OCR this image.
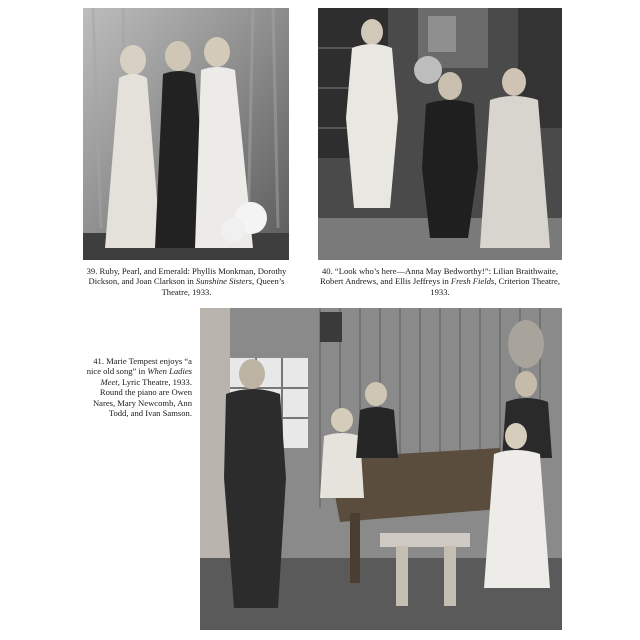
39. Ruby, Pearl, and Emerald: Phyllis Monkman, Dorothy Dickson, and Joan Clarkson in Sunshine Sisters, Queen’s Theatre, 1933.

40. “Look who’s here—Anna May Bedworthy!”: Lilian Braithwaite, Robert Andrews, and Ellis Jeffreys in Fresh Fields, Criterion Theatre, 1933.

41. Marie Tempest enjoys “a nice old song” in When Ladies Meet, Lyric Theatre, 1933. Round the piano are Owen Nares, Mary Newcomb, Ann Todd, and Ivan Samson.
